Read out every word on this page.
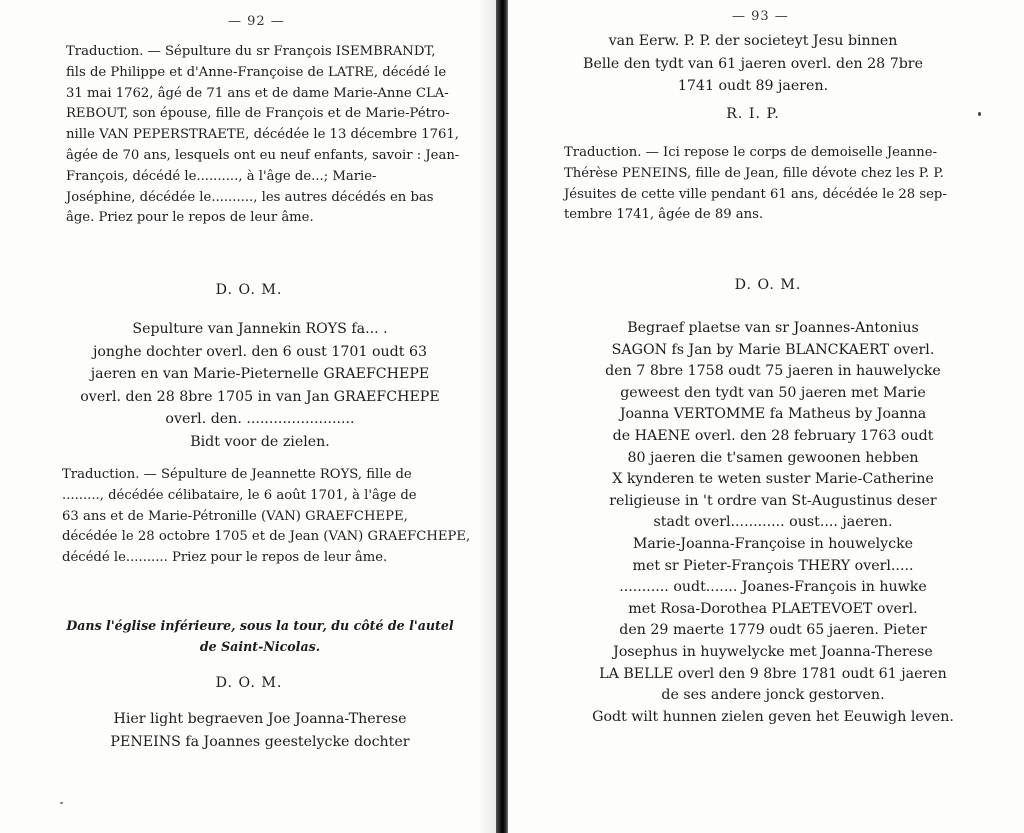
— 92 —
Traduction. — Sépulture du sr François ISEMBRANDT,
fils de Philippe et d'Anne-Françoise de LATRE, décédé le
31 mai 1762, âgé de 71 ans et de dame Marie-Anne CLA-
REBOUT, son épouse, fille de François et de Marie-Pétro-
nille VAN PEPERSTRAETE, décédée le 13 décembre 1761,
âgée de 70 ans, lesquels ont eu neuf enfants, savoir : Jean-
François, décédé le.........., à l'âge de...; Marie-
Joséphine, décédée le.........., les autres décédés en bas
âge. Priez pour le repos de leur âme.
D. O. M.
Sepulture van Jannekin ROYS fa... .
jonghe dochter overl. den 6 oust 1701 oudt 63
jaeren en van Marie-Pieternelle GRAEFCHEPE
overl. den 28 8bre 1705 in van Jan GRAEFCHEPE
overl. den. ........................
Bidt voor de zielen.
Traduction. — Sépulture de Jeannette ROYS, fille de
........., décédée célibataire, le 6 août 1701, à l'âge de
63 ans et de Marie-Pétronille (VAN) GRAEFCHEPE,
décédée le 28 octobre 1705 et de Jean (VAN) GRAEFCHEPE,
décédé le.......... Priez pour le repos de leur âme.
Dans l'église inférieure, sous la tour, du côté de l'autel
de Saint-Nicolas.
D. O. M.
Hier light begraeven Joe Joanna-Therese
PENEINS fa Joannes geestelycke dochter
— 93 —
van Eerw. P. P. der societeyt Jesu binnen
Belle den tydt van 61 jaeren overl. den 28 7bre
1741 oudt 89 jaeren.
R. I. P.
Traduction. — Ici repose le corps de demoiselle Jeanne-
Thérèse PENEINS, fille de Jean, fille dévote chez les P. P.
Jésuites de cette ville pendant 61 ans, décédée le 28 sep-
tembre 1741, âgée de 89 ans.
D. O. M.
Begraef plaetse van sr Joannes-Antonius
SAGON fs Jan by Marie BLANCKAERT overl.
den 7 8bre 1758 oudt 75 jaeren in hauwelycke
geweest den tydt van 50 jaeren met Marie
Joanna VERTOMME fa Matheus by Joanna
de HAENE overl. den 28 february 1763 oudt
80 jaeren die t'samen gewoonen hebben
X kynderen te weten suster Marie-Catherine
religieuse in 't ordre van St-Augustinus deser
stadt overl............ oust.... jaeren.
Marie-Joanna-Françoise in houwelycke
met sr Pieter-François THERY overl.....
........... oudt....... Joanes-François in huwke
met Rosa-Dorothea PLAETEVOET overl.
den 29 maerte 1779 oudt 65 jaeren. Pieter
Josephus in huywelycke met Joanna-Therese
LA BELLE overl den 9 8bre 1781 oudt 61 jaeren
de ses andere jonck gestorven.
Godt wilt hunnen zielen geven het Eeuwigh leven.
